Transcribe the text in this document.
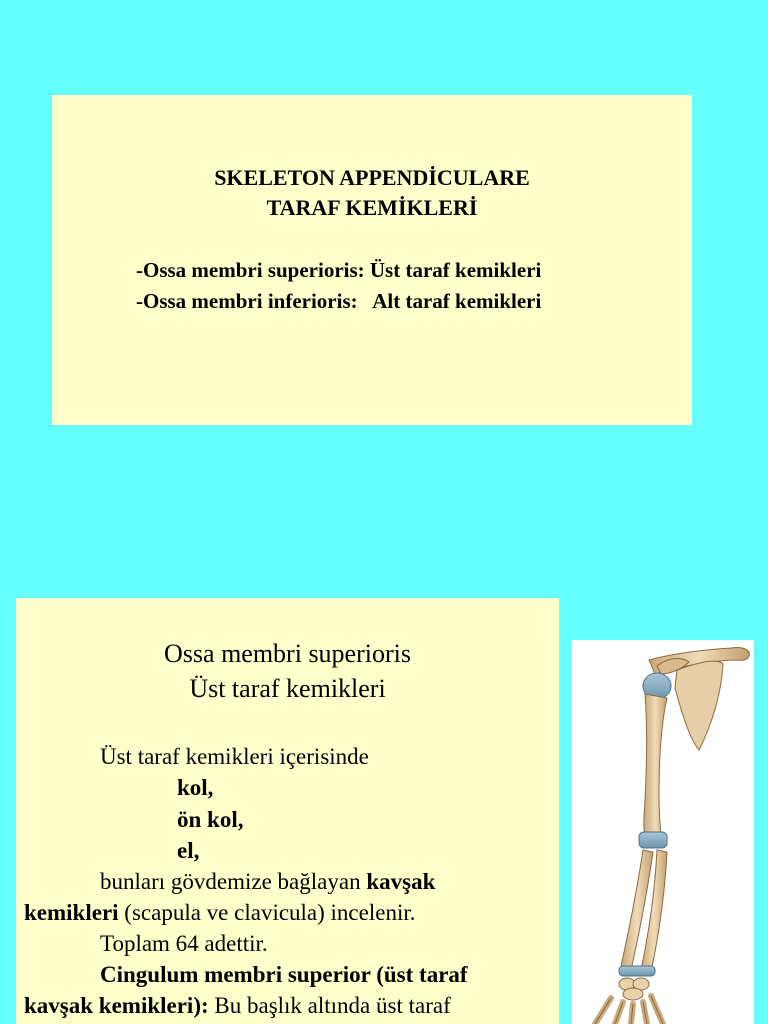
SKELETON APPENDİCULARE
TARAF KEMİKLERİ
-Ossa membri superioris: Üst taraf kemikleri
-Ossa membri inferioris:   Alt taraf kemikleri
Ossa membri superioris
Üst taraf kemikleri
Üst taraf kemikleri içerisinde
kol,
ön kol,
el,
bunları gövdemize bağlayan kavşak
kemikleri (scapula ve clavicula) incelenir.
Toplam 64 adettir.
Cingulum membri superior (üst taraf
kavşak kemikleri): Bu başlık altında üst taraf
